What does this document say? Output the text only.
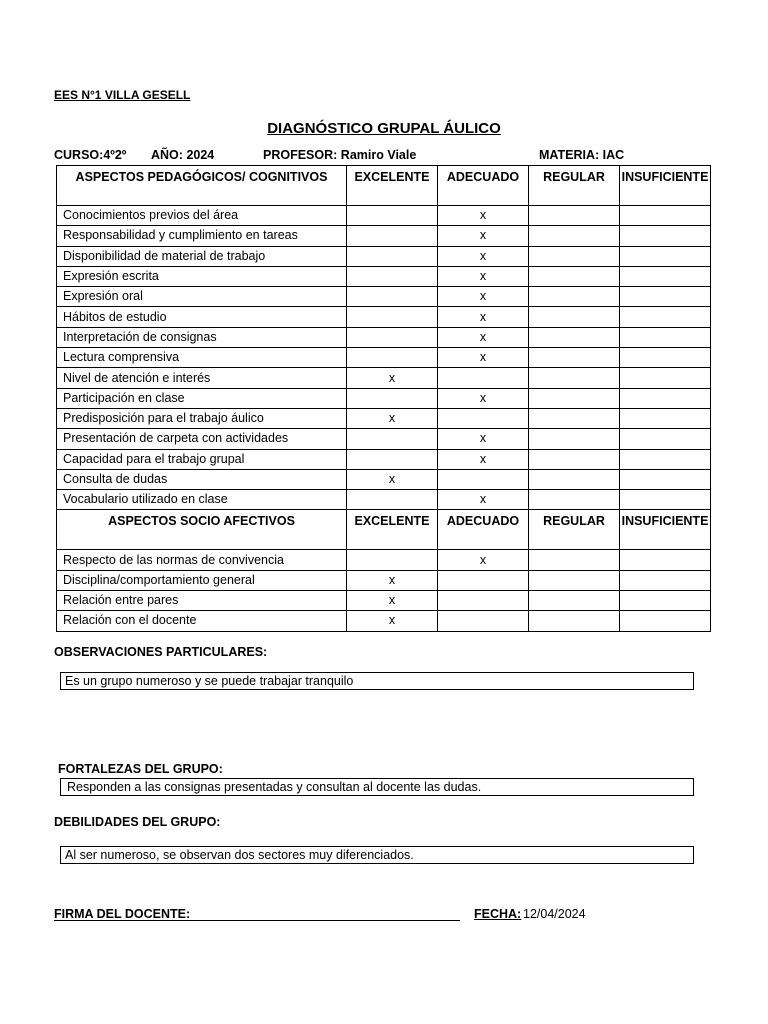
EES N°1 VILLA GESELL
DIAGNÓSTICO GRUPAL ÁULICO
CURSO:4º2º AÑO: 2024	PROFESOR: Ramiro Viale	MATERIA: IAC
ASPECTOS PEDAGÓGICOS/ COGNITIVOS	EXCELENTE	ADECUADO	REGULAR	INSUFICIENTE
Conocimientos previos del área		x		
Responsabilidad y cumplimiento en tareas		x		
Disponibilidad de material de trabajo		x		
Expresión escrita		x		
Expresión oral		x		
Hábitos de estudio		x		
Interpretación de consignas		x		
Lectura comprensiva		x		
Nivel de atención e interés	x			
Participación en clase		x		
Predisposición para el trabajo áulico	x			
Presentación de carpeta con actividades		x		
Capacidad para el trabajo grupal		x		
Consulta de dudas	x			
Vocabulario utilizado en clase		x		
ASPECTOS SOCIO AFECTIVOS	EXCELENTE	ADECUADO	REGULAR	INSUFICIENTE
Respecto de las normas de convivencia		x		
Disciplina/comportamiento general	x			
Relación entre pares	x			
Relación con el docente	x			
OBSERVACIONES PARTICULARES:
Es un grupo numeroso y se puede trabajar tranquilo
FORTALEZAS DEL GRUPO:
Responden a las consignas presentadas y consultan al docente las dudas.
DEBILIDADES DEL GRUPO:
Al ser numeroso, se observan dos sectores muy diferenciados.
FIRMA DEL DOCENTE:	FECHA: 12/04/2024
